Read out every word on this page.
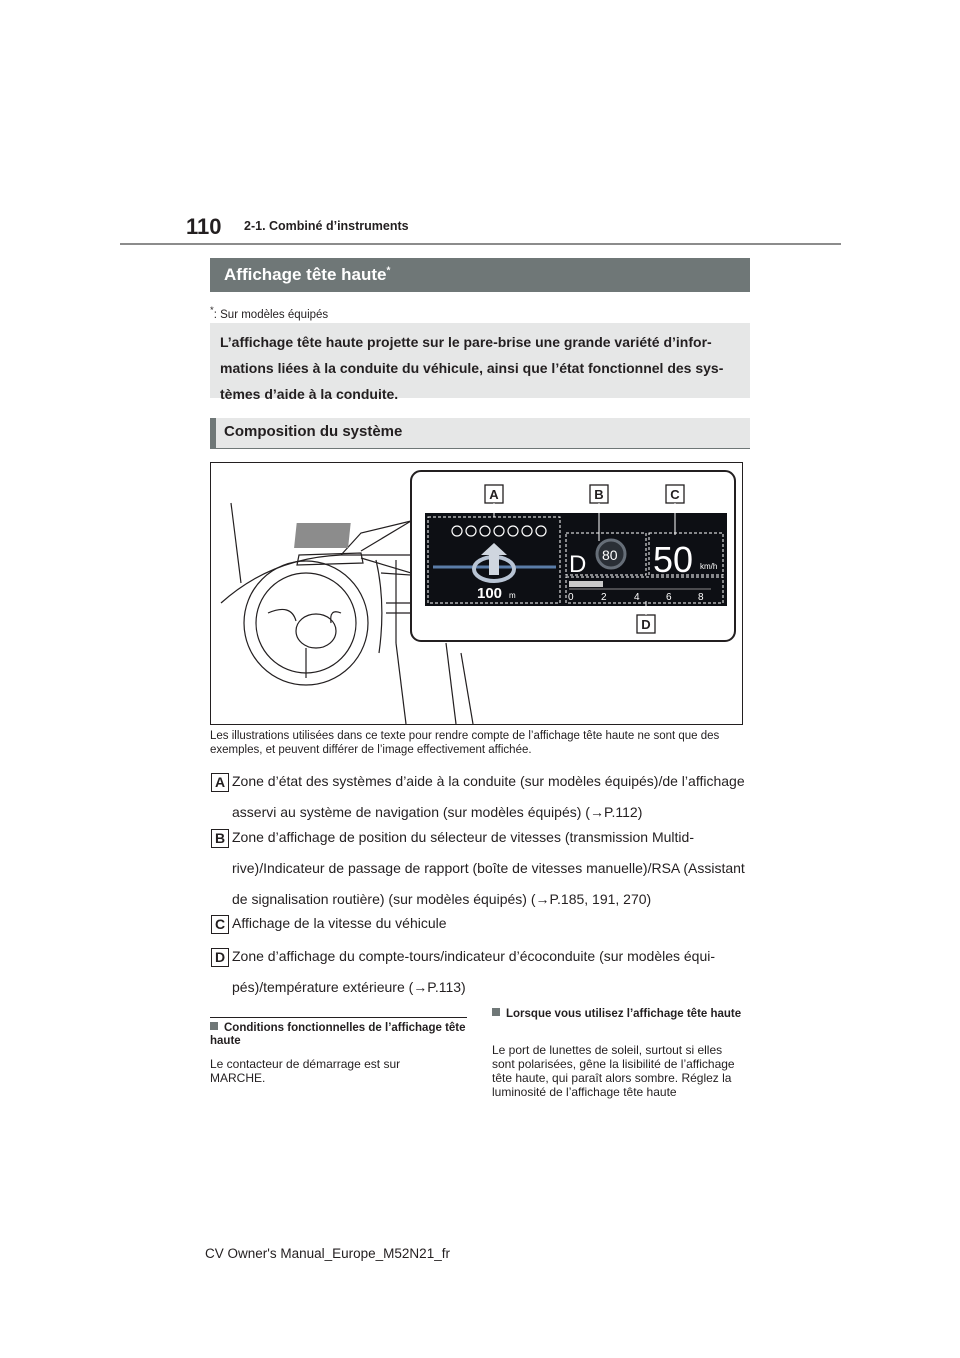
110 2-1. Combiné d’instruments
Affichage tête haute*
*: Sur modèles équipés
L’affichage tête haute projette sur le pare-brise une grande variété d’informations liées à la conduite du véhicule, ainsi que l’état fonctionnel des systèmes d’aide à la conduite.
Composition du système
100 m
D 80 50 km/h
0	2	4	6	8
A	B	C
D
Les illustrations utilisées dans ce texte pour rendre compte de l’affichage tête haute ne sont que des exemples, et peuvent différer de l’image effectivement affichée.
A Zone d’état des systèmes d’aide à la conduite (sur modèles équipés)/de l’affichage asservi au système de navigation (sur modèles équipés) (→P.112)
B Zone d’affichage de position du sélecteur de vitesses (transmission Multidrive)/Indicateur de passage de rapport (boîte de vitesses manuelle)/RSA (Assistant de signalisation routière) (sur modèles équipés) (→P.185, 191, 270)
C Affichage de la vitesse du véhicule
D Zone d’affichage du compte-tours/indicateur d’écoconduite (sur modèles équipés)/température extérieure (→P.113)
Conditions fonctionnelles de l’affichage tête haute
Le contacteur de démarrage est sur MARCHE.
Lorsque vous utilisez l’affichage tête haute
Le port de lunettes de soleil, surtout si elles sont polarisées, gêne la lisibilité de l’affichage tête haute, qui paraît alors sombre. Réglez la luminosité de l’affichage tête haute
CV Owner's Manual_Europe_M52N21_fr
